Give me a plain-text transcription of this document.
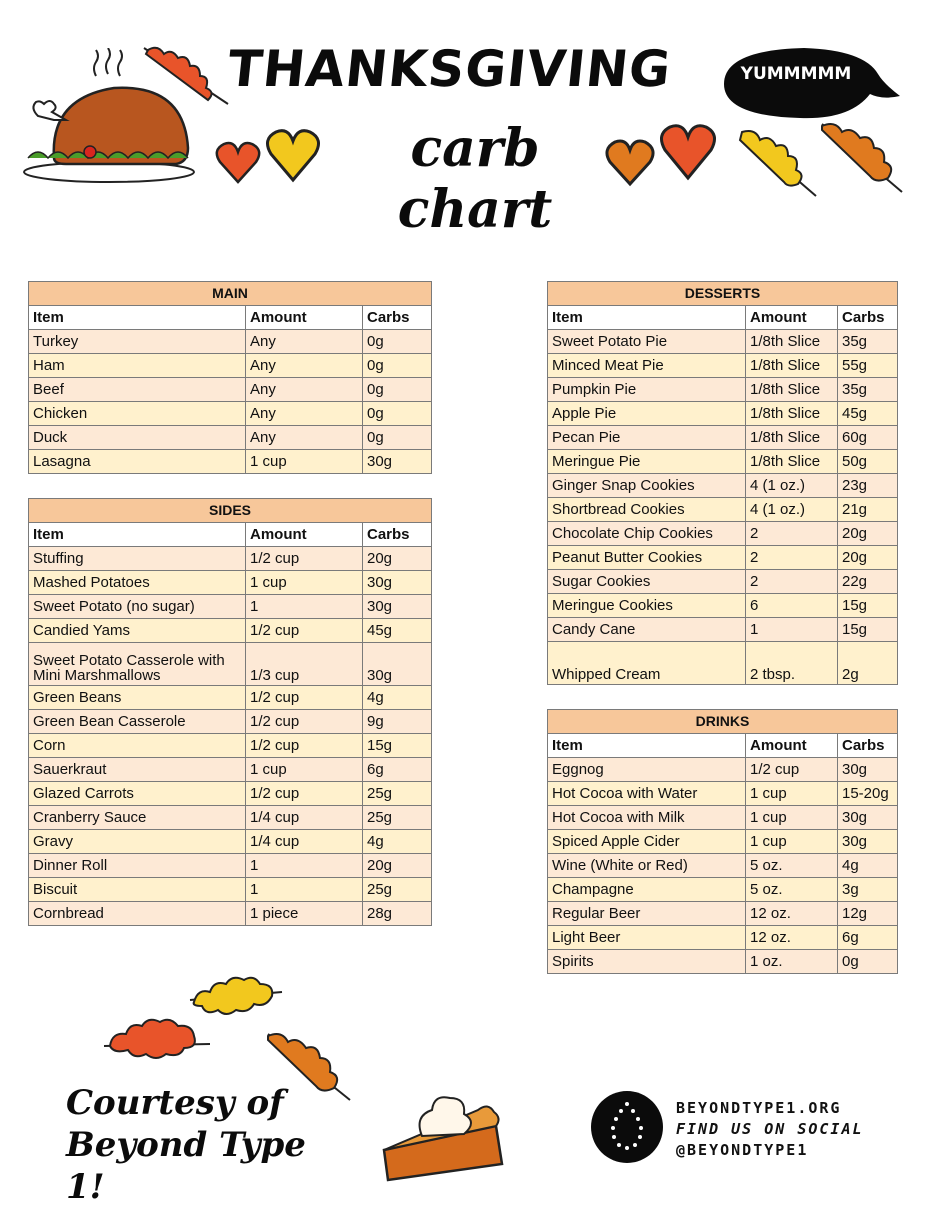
THANKSGIVING
carb chart
YUMMMMM
MAIN		
Item	Amount	Carbs
Turkey	Any	0g
Ham	Any	0g
Beef	Any	0g
Chicken	Any	0g
Duck	Any	0g
Lasagna	1 cup	30g
SIDES		
Item	Amount	Carbs
Stuffing	1/2 cup	20g
Mashed Potatoes	1 cup	30g
Sweet Potato (no sugar)	1	30g
Candied Yams	1/2 cup	45g
Sweet Potato Casserole with Mini Marshmallows	1/3 cup	30g
Green Beans	1/2 cup	4g
Green Bean Casserole	1/2 cup	9g
Corn	1/2 cup	15g
Sauerkraut	1 cup	6g
Glazed Carrots	1/2 cup	25g
Cranberry Sauce	1/4 cup	25g
Gravy	1/4 cup	4g
Dinner Roll	1	20g
Biscuit	1	25g
Cornbread	1 piece	28g
DESSERTS		
Item	Amount	Carbs
Sweet Potato Pie	1/8th Slice	35g
Minced Meat Pie	1/8th Slice	55g
Pumpkin Pie	1/8th Slice	35g
Apple Pie	1/8th Slice	45g
Pecan Pie	1/8th Slice	60g
Meringue Pie	1/8th Slice	50g
Ginger Snap Cookies	4 (1 oz.)	23g
Shortbread Cookies	4 (1 oz.)	21g
Chocolate Chip Cookies	2	20g
Peanut Butter Cookies	2	20g
Sugar Cookies	2	22g
Meringue Cookies	6	15g
Candy Cane	1	15g
Whipped Cream	2 tbsp.	2g
DRINKS		
Item	Amount	Carbs
Eggnog	1/2 cup	30g
Hot Cocoa with Water	1 cup	15-20g
Hot Cocoa with Milk	1 cup	30g
Spiced Apple Cider	1 cup	30g
Wine (White or Red)	5 oz.	4g
Champagne	5 oz.	3g
Regular Beer	12 oz.	12g
Light Beer	12 oz.	6g
Spirits	1 oz.	0g
Courtesy of
Beyond Type 1!
BEYONDTYPE1.ORG
FIND US ON SOCIAL
@BEYONDTYPE1
